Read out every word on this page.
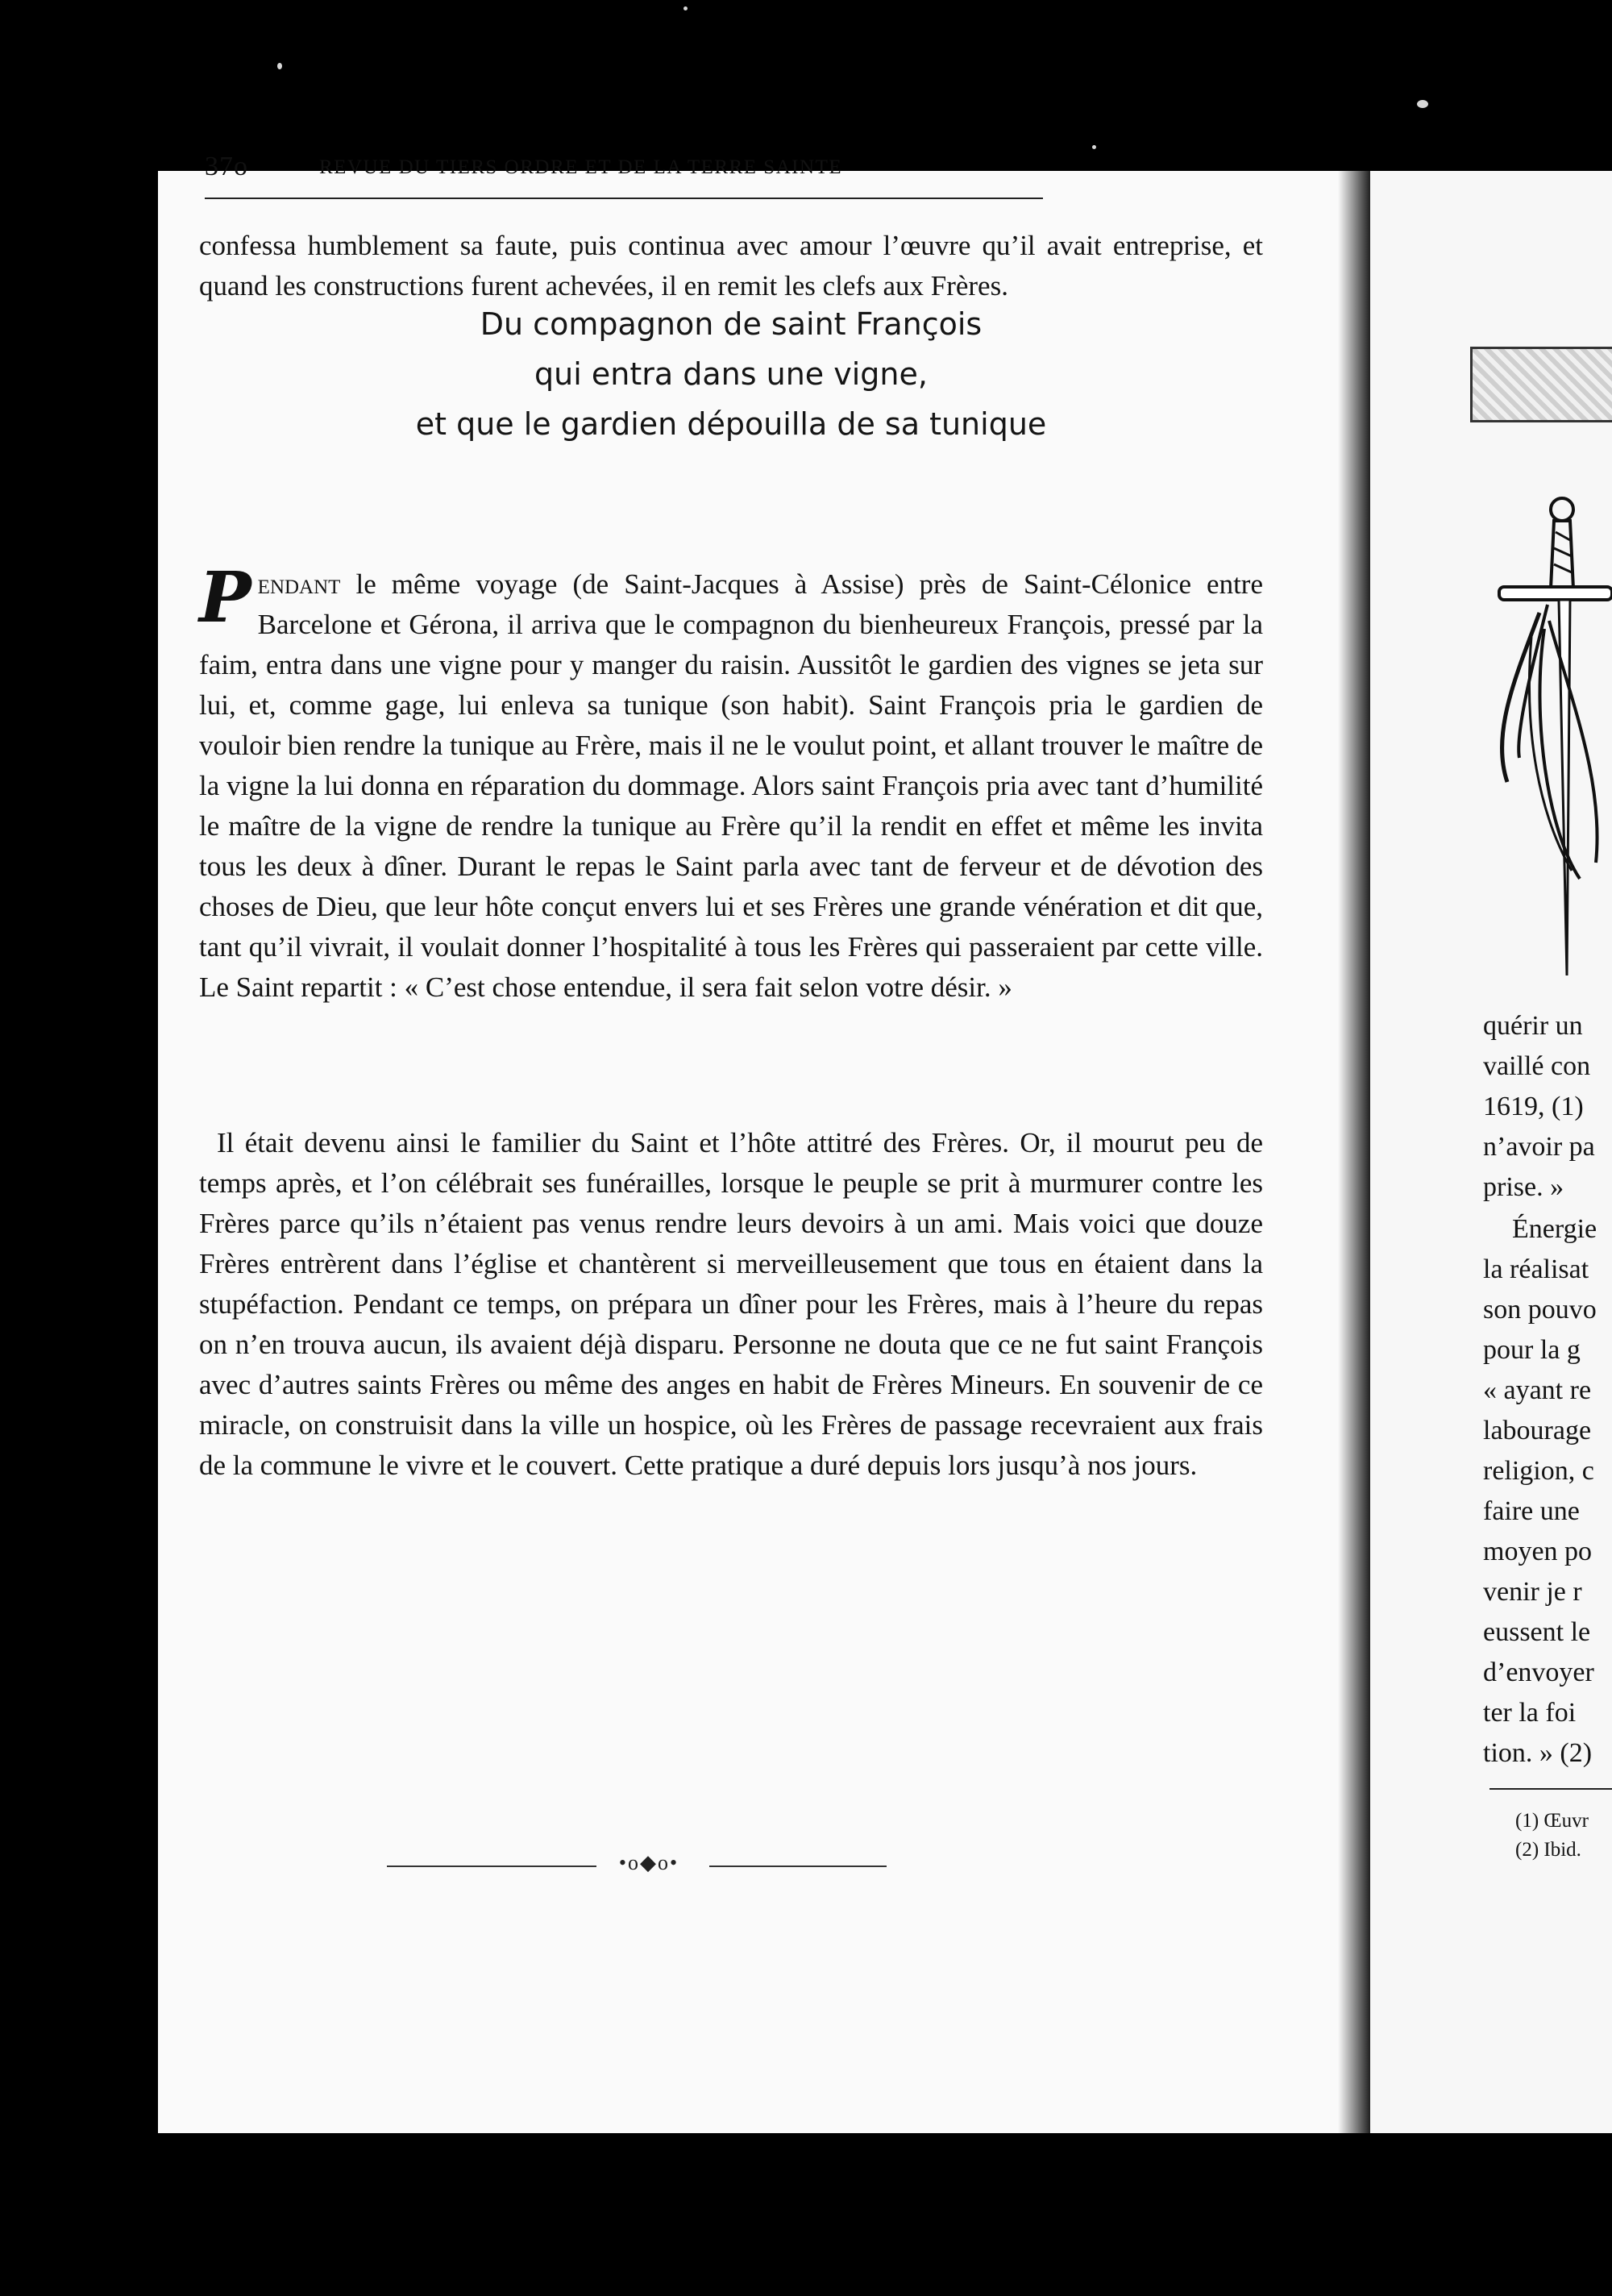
37o	REVUE DU TIERS ORDRE ET DE LA TERRE SAINTE

confessa humblement sa faute, puis continua avec amour l’œuvre qu’il avait entreprise, et quand les constructions furent achevées, il en remit les clefs aux Frères.

Du compagnon de saint François

qui entra dans une vigne,

et que le gardien dépouilla de sa tunique

Pendant le même voyage (de Saint-Jacques à Assise) près de Saint-Célonice entre Barcelone et Gérona, il arriva que le compagnon du bienheureux François, pressé par la faim, entra dans une vigne pour y manger du raisin. Aussitôt le gardien des vignes se jeta sur lui, et, comme gage, lui enleva sa tunique (son habit). Saint François pria le gardien de vouloir bien rendre la tunique au Frère, mais il ne le voulut point, et allant trouver le maître de la vigne la lui donna en réparation du dommage. Alors saint François pria avec tant d’humilité le maître de la vigne de rendre la tunique au Frère qu’il la rendit en effet et même les invita tous les deux à dîner. Durant le repas le Saint parla avec tant de ferveur et de dévotion des choses de Dieu, que leur hôte conçut envers lui et ses Frères une grande vénération et dit que, tant qu’il vivrait, il voulait donner l’hospitalité à tous les Frères qui passeraient par cette ville. Le Saint repartit : « C’est chose entendue, il sera fait selon votre désir. »

Il était devenu ainsi le familier du Saint et l’hôte attitré des Frères. Or, il mourut peu de temps après, et l’on célébrait ses funérailles, lorsque le peuple se prit à murmurer contre les Frères parce qu’ils n’étaient pas venus rendre leurs devoirs à un ami. Mais voici que douze Frères entrèrent dans l’église et chantèrent si merveilleusement que tous en étaient dans la stupéfaction. Pendant ce temps, on prépara un dîner pour les Frères, mais à l’heure du repas on n’en trouva aucun, ils avaient déjà disparu. Personne ne douta que ce ne fut saint François avec d’autres saints Frères ou même des anges en habit de Frères Mineurs. En souvenir de ce miracle, on construisit dans la ville un hospice, où les Frères de passage recevraient aux frais de la commune le vivre et le couvert. Cette pratique a duré depuis lors jusqu’à nos jours.

•o◆o•
quérir un
vaillé con
1619, (1)
n’avoir pa
prise. »
Énergie
la réalisat
son pouvo
pour la g
« ayant re
labourage
religion, c
faire une
moyen po
venir je r
eussent le
d’envoyer
ter la foi
tion. » (2)
(1) Œuvr
(2) Ibid.
